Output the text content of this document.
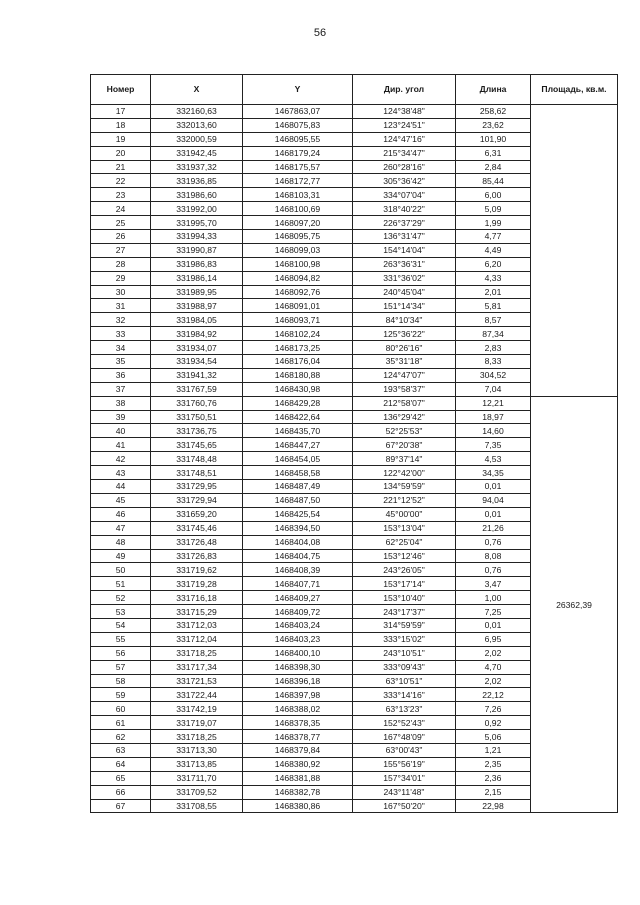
56
Номер	X	Y	Дир. угол	Длина	Площадь, кв.м.
17	332160,63	1467863,07	124°38'48"	258,62	
18	332013,60	1468075,83	123°24'51"	23,62	
19	332000,59	1468095,55	124°47'16"	101,90	
20	331942,45	1468179,24	215°34'47"	6,31	
21	331937,32	1468175,57	260°28'16"	2,84	
22	331936,85	1468172,77	305°36'42"	85,44	
23	331986,60	1468103,31	334°07'04"	6,00	
24	331992,00	1468100,69	318°40'22"	5,09	
25	331995,70	1468097,20	226°37'29"	1,99	
26	331994,33	1468095,75	136°31'47"	4,77	
27	331990,87	1468099,03	154°14'04"	4,49	
28	331986,83	1468100,98	263°36'31"	6,20	
29	331986,14	1468094,82	331°36'02"	4,33	
30	331989,95	1468092,76	240°45'04"	2,01	
31	331988,97	1468091,01	151°14'34"	5,81	
32	331984,05	1468093,71	84°10'34"	8,57	
33	331984,92	1468102,24	125°36'22"	87,34	
34	331934,07	1468173,25	80°26'16"	2,83	
35	331934,54	1468176,04	35°31'18"	8,33	
36	331941,32	1468180,88	124°47'07"	304,52	
37	331767,59	1468430,98	193°58'37"	7,04	
38	331760,76	1468429,28	212°58'07"	12,21	26362,39
39	331750,51	1468422,64	136°29'42"	18,97	
40	331736,75	1468435,70	52°25'53"	14,60	
41	331745,65	1468447,27	67°20'38"	7,35	
42	331748,48	1468454,05	89°37'14"	4,53	
43	331748,51	1468458,58	122°42'00"	34,35	
44	331729,95	1468487,49	134°59'59"	0,01	
45	331729,94	1468487,50	221°12'52"	94,04	
46	331659,20	1468425,54	45°00'00"	0,01	
47	331745,46	1468394,50	153°13'04"	21,26	
48	331726,48	1468404,08	62°25'04"	0,76	
49	331726,83	1468404,75	153°12'46"	8,08	
50	331719,62	1468408,39	243°26'05"	0,76	
51	331719,28	1468407,71	153°17'14"	3,47	
52	331716,18	1468409,27	153°10'40"	1,00	
53	331715,29	1468409,72	243°17'37"	7,25	
54	331712,03	1468403,24	314°59'59"	0,01	
55	331712,04	1468403,23	333°15'02"	6,95	
56	331718,25	1468400,10	243°10'51"	2,02	
57	331717,34	1468398,30	333°09'43"	4,70	
58	331721,53	1468396,18	63°10'51"	2,02	
59	331722,44	1468397,98	333°14'16"	22,12	
60	331742,19	1468388,02	63°13'23"	7,26	
61	331719,07	1468378,35	152°52'43"	0,92	
62	331718,25	1468378,77	167°48'09"	5,06	
63	331713,30	1468379,84	63°00'43"	1,21	
64	331713,85	1468380,92	155°56'19"	2,35	
65	331711,70	1468381,88	157°34'01"	2,36	
66	331709,52	1468382,78	243°11'48"	2,15	
67	331708,55	1468380,86	167°50'20"	22,98	
